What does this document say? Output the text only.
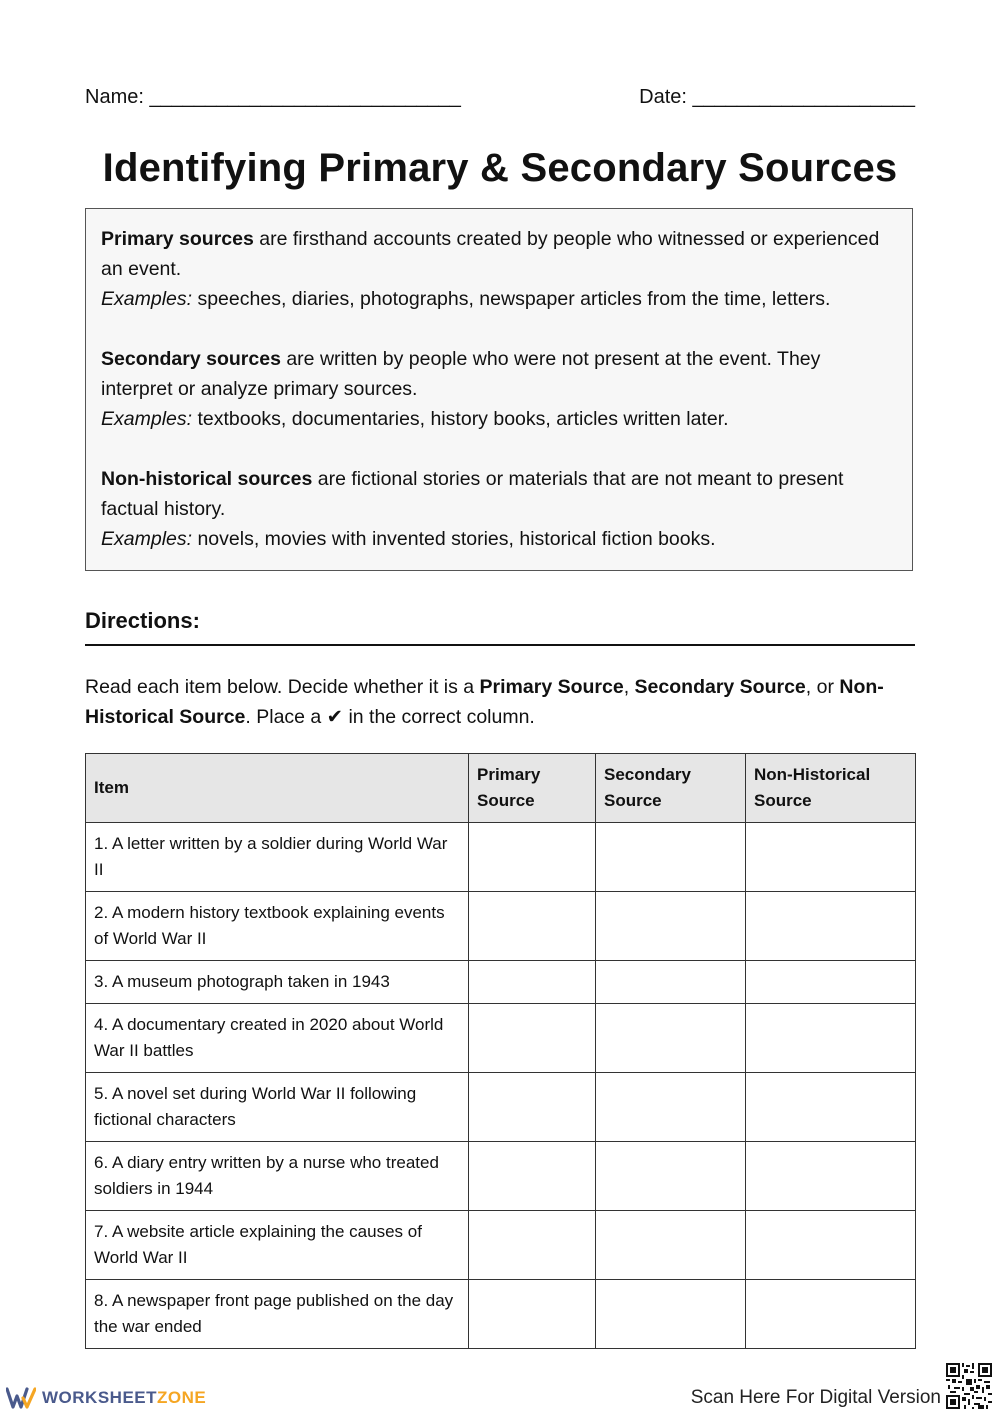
Name: ____________________________	Date: ____________________
Identifying Primary & Secondary Sources

Primary sources are firsthand accounts created by people who witnessed or experienced an event.
Examples: speeches, diaries, photographs, newspaper articles from the time, letters.

Secondary sources are written by people who were not present at the event. They interpret or analyze primary sources.
Examples: textbooks, documentaries, history books, articles written later.

Non-historical sources are fictional stories or materials that are not meant to present factual history.
Examples: novels, movies with invented stories, historical fiction books.

Directions:

Read each item below. Decide whether it is a Primary Source, Secondary Source, or Non-Historical Source. Place a ✔ in the correct column.

Item	Primary Source	Secondary Source	Non-Historical Source
1. A letter written by a soldier during World War II			
2. A modern history textbook explaining events of World War II			
3. A museum photograph taken in 1943			
4. A documentary created in 2020 about World War II battles			
5. A novel set during World War II following fictional characters			
6. A diary entry written by a nurse who treated soldiers in 1944			
7. A website article explaining the causes of World War II			
8. A newspaper front page published on the day the war ended			
WORKSHEETZONE	Scan Here For Digital Version
